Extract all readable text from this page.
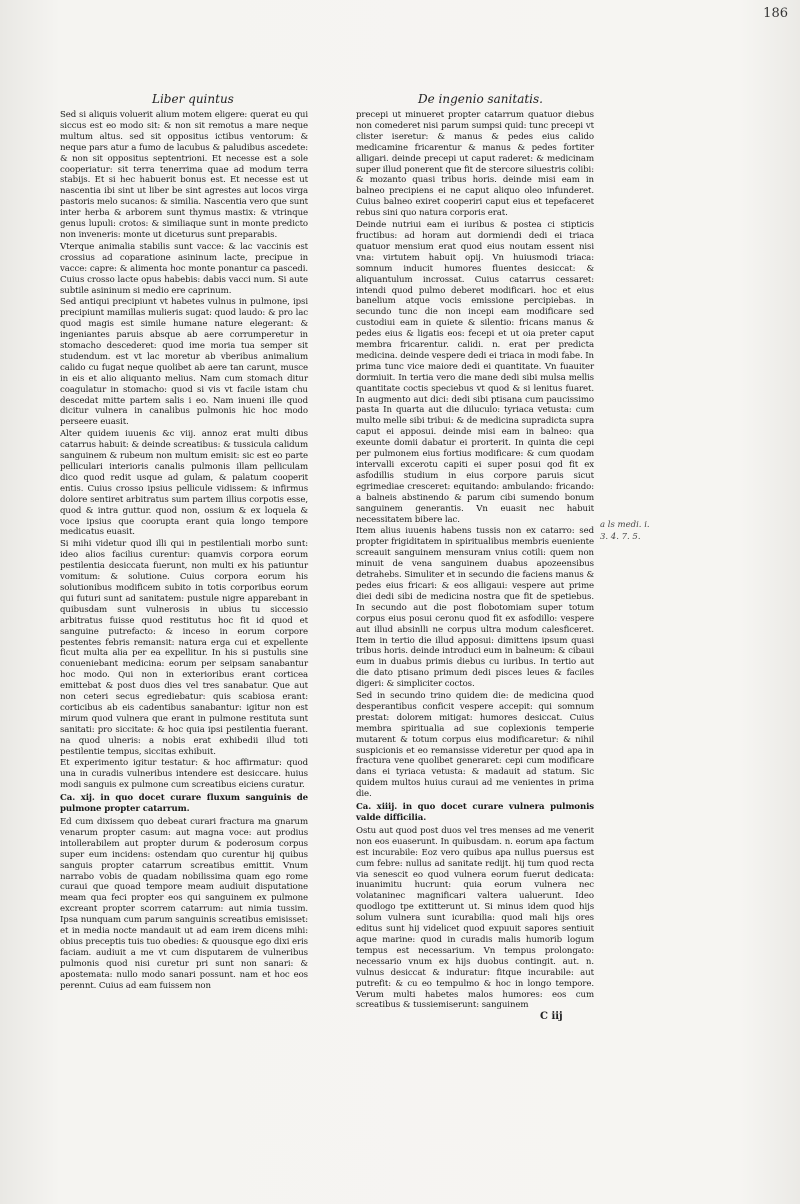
186
Liber quintus	De ingenio sanitatis.

Sed si aliquis voluerit alium motem eligere: querat eu qui siccus est eo modo sit: & non sit remotus a mare neque multum altus. sed sit oppositus ictibus ventorum: & neque pars atur a fumo de lacubus & paludibus ascedete: & non sit oppositus septentrioni. Et necesse est a sole cooperiatur: sit terra tenerrima quae ad modum terra stabijs. Et si hec habuerit bonus est. Et necesse est ut nascentia ibi sint ut liber be sint agrestes aut locos virga pastoris melo sucanos: & similia. Nascentia vero que sunt inter herba & arborem sunt thymus mastix: & vtrinque genus lupuli: crotos: & similiaque sunt in monte predicto non inveneris: monte ut diceturus sunt preparabis.

Vterque animalia stabilis sunt vacce: & lac vaccinis est crossius ad coparatione asininum lacte, precipue in vacce: capre: & alimenta hoc monte ponantur ca pascedi. Cuius crosso lacte opus habebis: dabis vacci num. Si aute subtile asininum si medio ere caprinum.

Sed antiqui precipiunt vt habetes vulnus in pulmone, ipsi precipiunt mamillas mulieris sugat: quod laudo: & pro lac quod magis est simile humane nature elegerant: & ingeniantes paruis absque ab aere corrumperetur in stomacho descederet: quod ime moria tua semper sit studendum. est vt lac moretur ab vberibus animalium calido cu fugat neque quolibet ab aere tan carunt, musce in eis et alio aliquanto melius. Nam cum stomach ditur coagulatur in stomacho: quod si vis vt facile istam chu descedat mitte partem salis i eo. Nam inueni ille quod dicitur vulnera in canalibus pulmonis hic hoc modo perseere euasit.

Alter quidem iuuenis &c viij. annoz erat multi dibus catarrus habuit: & deinde screatibus: & tussicula calidum sanguinem & rubeum non multum emisit: sic est eo parte pelliculari interioris canalis pulmonis illam pelliculam dico quod redit usque ad gulam, & palatum cooperit entis. Cuius crosso ipsius pellicule vidissem: & infirmus dolore sentiret arbitratus sum partem illius corpotis esse, quod & intra guttur. quod non, ossium & ex loquela & voce ipsius que coorupta erant quia longo tempore medicatus euasit.

Si mihi videtur quod illi qui in pestilentiali morbo sunt: ideo alios facilius curentur: quamvis corpora eorum pestilentia desiccata fuerunt, non multi ex his patiuntur vomitum: & solutione. Cuius corpora eorum his solutionibus modificem subito in totis corporibus eorum qui futuri sunt ad sanitatem: pustule nigre apparebant in quibusdam sunt vulnerosis in ubius tu siccessio arbitratus fuisse quod restitutus hoc fit id quod et sanguine putrefacto: & inceso in eorum corpore pestentes febris remansit: natura erga cui et expellente ficut multa alia per ea expellitur. In his si pustulis sine conueniebant medicina: eorum per seipsam sanabantur hoc modo. Qui non in exterioribus erant corticea emittebat & post duos dies vel tres sanabatur. Que aut non ceteri secus egrediebatur: quis scabiosa erant: corticibus ab eis cadentibus sanabantur: igitur non est mirum quod vulnera que erant in pulmone restituta sunt sanitati: pro siccitate: & hoc quia ipsi pestilentia fuerant. na quod ulneris: a nobis erat exhibedii illud toti pestilentie tempus, siccitas exhibuit.

Et experimento igitur testatur: & hoc affirmatur: quod una in curadis vulneribus intendere est desiccare. huius modi sanguis ex pulmone cum screatibus eiciens curatur.

Ca. xij. in quo docet curare fluxum sanguinis de pulmone propter catarrum.

Ed cum dixissem quo debeat curari fractura ma gnarum venarum propter casum: aut magna voce: aut prodius intollerabilem aut propter durum & poderosum corpus super eum incidens: ostendam quo curentur hij quibus sanguis propter catarrum screatibus emittit. Vnum narrabo vobis de quadam nobilissima quam ego rome curaui que quoad tempore meam audiuit disputatione meam qua feci propter eos qui sanguinem ex pulmone excreant propter scorrem catarrum: aut nimia tussim. Ipsa nunquam cum parum sanguinis screatibus emisisset: et in media nocte mandauit ut ad eam irem dicens mihi: obius preceptis tuis tuo obedies: & quousque ego dixi eris faciam. audiuit a me vt cum disputarem de vulneribus pulmonis quod nisi curetur pri sunt non sanari: & apostemata: nullo modo sanari possunt. nam et hoc eos perennt. Cuius ad eam fuissem non

precepi ut minueret propter catarrum quatuor diebus non comederet nisi parum sumpsi quid: tunc precepi vt clister iseretur: & manus & pedes eius calido medicamine fricarentur & manus & pedes fortiter alligari. deinde precepi ut caput raderet: & medicinam super illud ponerent que fit de stercore siluestris colibi: & mozanto quasi tribus horis. deinde misi eam in balneo precipiens ei ne caput aliquo oleo infunderet. Cuius balneo exiret cooperiri caput eius et tepefaceret rebus sini quo natura corporis erat.

Deinde nutriui eam ei iuribus & postea ci stipticis fructibus: ad horam aut dormiendi dedi ei triaca quatuor mensium erat quod eius noutam essent nisi vna: virtutem habuit opij. Vn huiusmodi triaca: somnum inducit humores fluentes desiccat: & aliquantulum incrossat. Cuius catarrus cessaret: intendi quod pulmo deberet modificari. hoc et eius banelium atque vocis emissione percipiebas. in secundo tunc die non incepi eam modificare sed custodiui eam in quiete & silentio: fricans manus & pedes eius & ligatis eos: fecepi et ut oia preter caput membra fricarentur. calidi. n. erat per predicta medicina. deinde vespere dedi ei triaca in modi fabe. In prima tunc vice maiore dedi ei quantitate. Vn fuauiter dormiuit. In tertia vero die mane dedi sibi mulsa mellis quantitate coctis speciebus vt quod & si lenitus fuaret. In augmento aut dici: dedi sibi ptisana cum paucissimo pasta In quarta aut die diluculo: tyriaca vetusta: cum multo melle sibi tribui: & de medicina supradicta supra caput ei apposui. deinde misi eam in balneo: qua exeunte domii dabatur ei prorterit. In quinta die cepi per pulmonem eius fortius modificare: & cum quodam intervalli excerotu capiti ei super posui qod fit ex asfodillis studium in eius corpore paruis sicut egrimediae cresceret: equitando: ambulando: fricando: a balneis abstinendo & parum cibi sumendo bonum sanguinem generantis. Vn euasit nec habuit necessitatem bibere lac.

Item alius iuuenis habens tussis non ex catarro: sed propter frigiditatem in spiritualibus membris eueniente screauit sanguinem mensuram vnius cotili: quem non minuit de vena sanguinem duabus apozeensibus detrahebs. Simuliter et in secundo die faciens manus & pedes eius fricari: & eos alligaui: vespere aut prime diei dedi sibi de medicina nostra que fit de spetiebus. In secundo aut die post flobotomiam super totum corpus eius posui ceronu quod fit ex asfodillo: vespere aut illud absinlli ne corpus ultra modum calesficeret. Item in tertio die illud apposui: dimittens ipsum quasi tribus horis. deinde introduci eum in balneum: & cibaui eum in duabus primis diebus cu iuribus. In tertio aut die dato ptisano primum dedi pisces leues & faciles digeri: & simpliciter coctos.

Sed in secundo trino quidem die: de medicina quod desperantibus conficit vespere accepit: qui somnum prestat: dolorem mitigat: humores desiccat. Cuius membra spiritualia ad sue coplexionis temperie mutarent & totum corpus eius modificaretur: & nihil suspicionis et eo remansisse videretur per quod apa in fractura vene quolibet generaret: cepi cum modificare dans ei tyriaca vetusta: & madauit ad statum. Sic quidem multos huius curaui ad me venientes in prima die.

Ca. xiiij. in quo docet curare vulnera pulmonis valde difficilia.

Ostu aut quod post duos vel tres menses ad me venerit non eos euaserunt. In quibusdam. n. eorum apa factum est incurabile: Eoz vero quibus apa nullus puersus est cum febre: nullus ad sanitate redijt. hij tum quod recta via senescit eo quod vulnera eorum fuerut dedicata: inuanimitu hucrunt: quia eorum vulnera nec volataninec magnificari valtera ualuerunt. Ideo quodlogo tpe extitterunt ut. Si minus idem quod hijs solum vulnera sunt icurabilia: quod mali hijs ores editus sunt hij videlicet quod expuuit sapores sentiuit aque marine: quod in curadis malis humorib logum tempus est necessarium. Vn tempus prolongato: necessario vnum ex hijs duobus contingit. aut. n. vulnus desiccat & induratur: fitque incurabile: aut putrefit: & cu eo tempulmo & hoc in longo tempore. Verum multi habetes malos humores: eos cum screatibus & tussiemiserunt: sanguinem

a ls medi. i.
3. 4. 7. 5.
C iij
